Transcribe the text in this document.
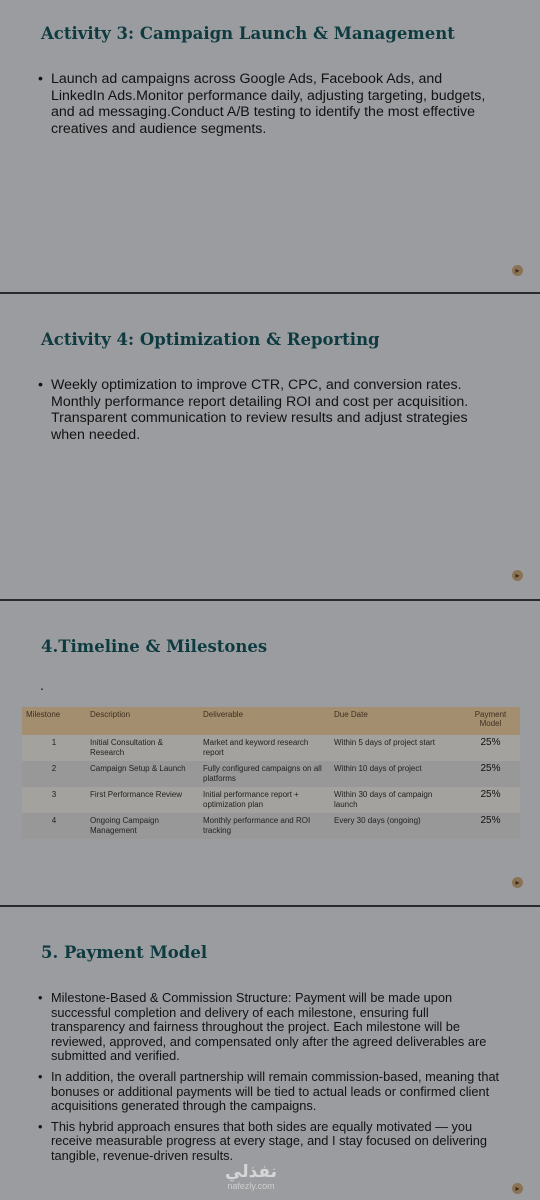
Activity 3: Campaign Launch & Management
• Launch ad campaigns across Google Ads, Facebook Ads, and LinkedIn Ads.Monitor performance daily, adjusting targeting, budgets, and ad messaging.Conduct A/B testing to identify the most effective creatives and audience segments.
▸
Activity 4: Optimization & Reporting
• Weekly optimization to improve CTR, CPC, and conversion rates. Monthly performance report detailing ROI and cost per acquisition. Transparent communication to review results and adjust strategies when needed.
▸
4.Timeline & Milestones
.
▸
Milestone	Description	Deliverable	Due Date	Payment Model
1	Initial Consultation & Research	Market and keyword research report	Within 5 days of project start	25%
2	Campaign Setup & Launch	Fully configured campaigns on all platforms	Within 10 days of project	25%
3	First Performance Review	Initial performance report + optimization plan	Within 30 days of campaign launch	25%
4	Ongoing Campaign Management	Monthly performance and ROI tracking	Every 30 days (ongoing)	25%
5. Payment Model
• Milestone-Based & Commission Structure: Payment will be made upon successful completion and delivery of each milestone, ensuring full transparency and fairness throughout the project. Each milestone will be reviewed, approved, and compensated only after the agreed deliverables are submitted and verified.
• In addition, the overall partnership will remain commission-based, meaning that bonuses or additional payments will be tied to actual leads or confirmed client acquisitions generated through the campaigns.
• This hybrid approach ensures that both sides are equally motivated — you receive measurable progress at every stage, and I stay focused on delivering tangible, revenue-driven results.
▸
نفذلي
nafezly.com
